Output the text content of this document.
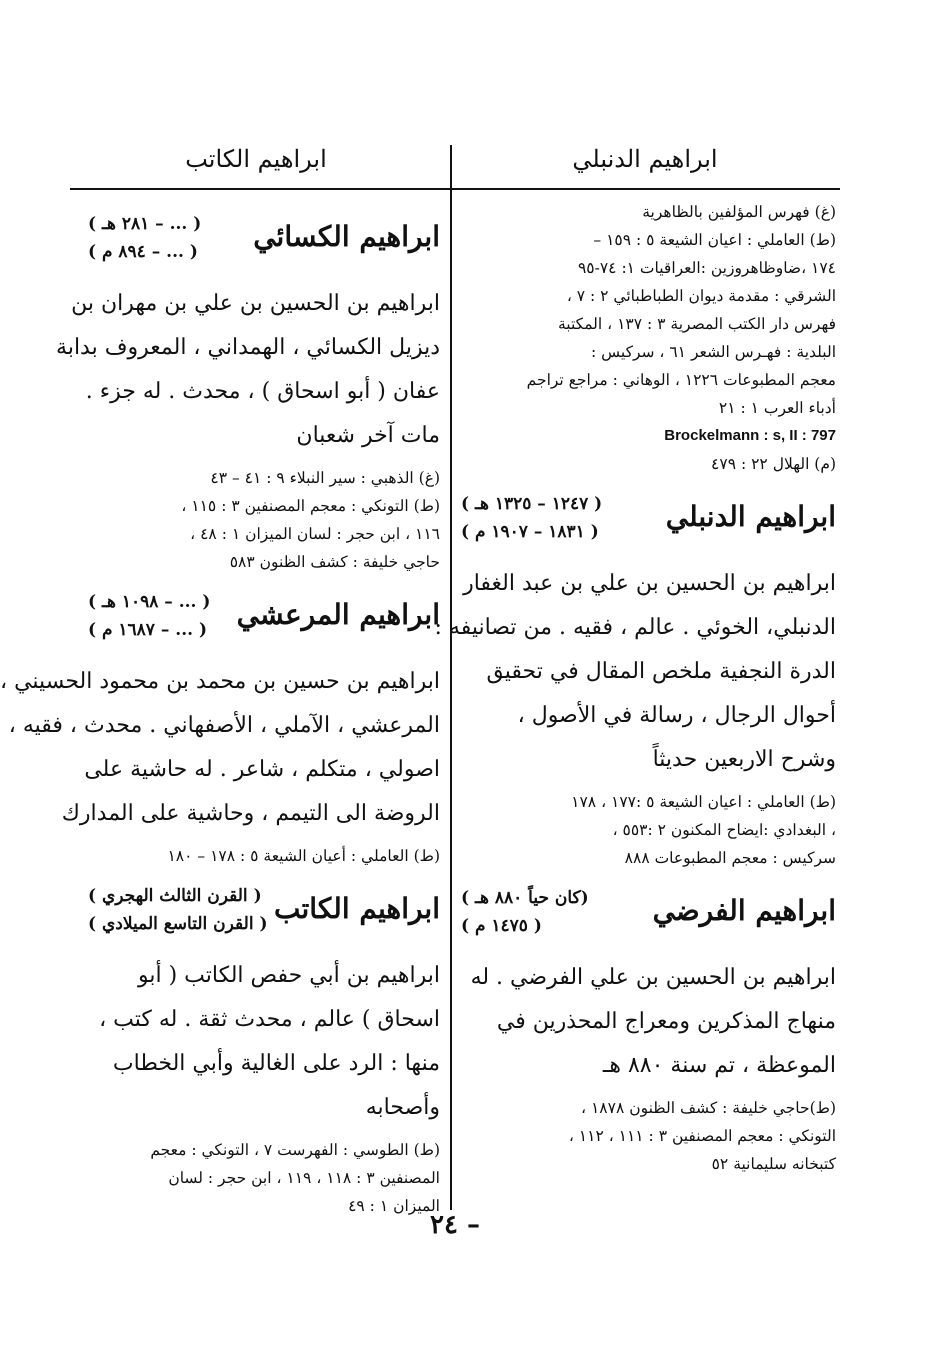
ابراهيم الدنبلي
ابراهيم الكاتب
(غ) فهرس المؤلفين بالظاهرية
(ط) العاملي : اعيان الشيعة ٥ : ١٥٩ –
١٧٤ ،ضاوظاهروزين :العراقيات ١: ٧٤-٩٥
الشرقي : مقدمة ديوان الطباطبائي ٢ : ٧ ،
فهرس دار الكتب المصرية ٣ : ١٣٧ ، المكتبة
البلدية : فهـرس الشعر ٦١ ، سركيس :
معجم المطبوعات ١٢٢٦ ، الوهاني : مراجع تراجم
أدباء العرب ١ : ٢١
Brockelmann : s, II : 797
(م) الهلال ٢٢ : ٤٧٩
ابراهيم الدنبلي
( ١٢٤٧ – ١٣٢٥ هـ )
( ١٨٣١ – ١٩٠٧ م )
ابراهيم بن الحسين بن علي بن عبد الغفار
الدنبلي، الخوئي . عالم ، فقيه . من تصانيفه :
الدرة النجفية ملخص المقال في تحقيق
أحوال الرجال ، رسالة في الأصول ،
وشرح الاربعين حديثاً
(ط) العاملي : اعيان الشيعة ٥ :١٧٧ ، ١٧٨
، البغدادي :ايضاح المكنون ٢ :٥٥٣ ،
سركيس : معجم المطبوعات ٨٨٨
ابراهيم الفرضي
(كان حياً ٨٨٠ هـ )
( ١٤٧٥ م )
ابراهيم بن الحسين بن علي الفرضي . له
منهاج المذكرين ومعراج المحذرين في
الموعظة ، تم سنة ٨٨٠ هـ
(ط)حاجي خليفة : كشف الظنون ١٨٧٨ ،
التونكي : معجم المصنفين ٣ : ١١١ ، ١١٢ ،
كتبخانه سليمانية ٥٢
ابراهيم الكسائي
( ... – ٢٨١ هـ )
( ... – ٨٩٤ م )
ابراهيم بن الحسين بن علي بن مهران بن
ديزيل الكسائي ، الهمداني ، المعروف بدابة
عفان ( أبو اسحاق ) ، محدث . له جزء .
مات آخر شعبان
(غ) الذهبي : سير النبلاء ٩ : ٤١ – ٤٣
(ط) التونكي : معجم المصنفين ٣ : ١١٥ ،
١١٦ ، ابن حجر : لسان الميزان ١ : ٤٨ ،
حاجي خليفة : كشف الظنون ٥٨٣
ابراهيم المرعشي
( ... – ١٠٩٨ هـ )
( ... – ١٦٨٧ م )
ابراهيم بن حسين بن محمد بن محمود الحسيني ،
المرعشي ، الآملي ، الأصفهاني . محدث ، فقيه ،
اصولي ، متكلم ، شاعر . له حاشية على
الروضة الى التيمم ، وحاشية على المدارك
(ط) العاملي : أعيان الشيعة ٥ : ١٧٨ – ١٨٠
ابراهيم الكاتب
( القرن الثالث الهجري )
( القرن التاسع الميلادي )
ابراهيم بن أبي حفص الكاتب ( أبو
اسحاق ) عالم ، محدث ثقة . له كتب ،
منها : الرد على الغالية وأبي الخطاب
وأصحابه
(ط) الطوسي : الفهرست ٧ ، التونكي : معجم
المصنفين ٣ : ١١٨ ، ١١٩ ، ابن حجر : لسان
الميزان ١ : ٤٩
– ٢٤
